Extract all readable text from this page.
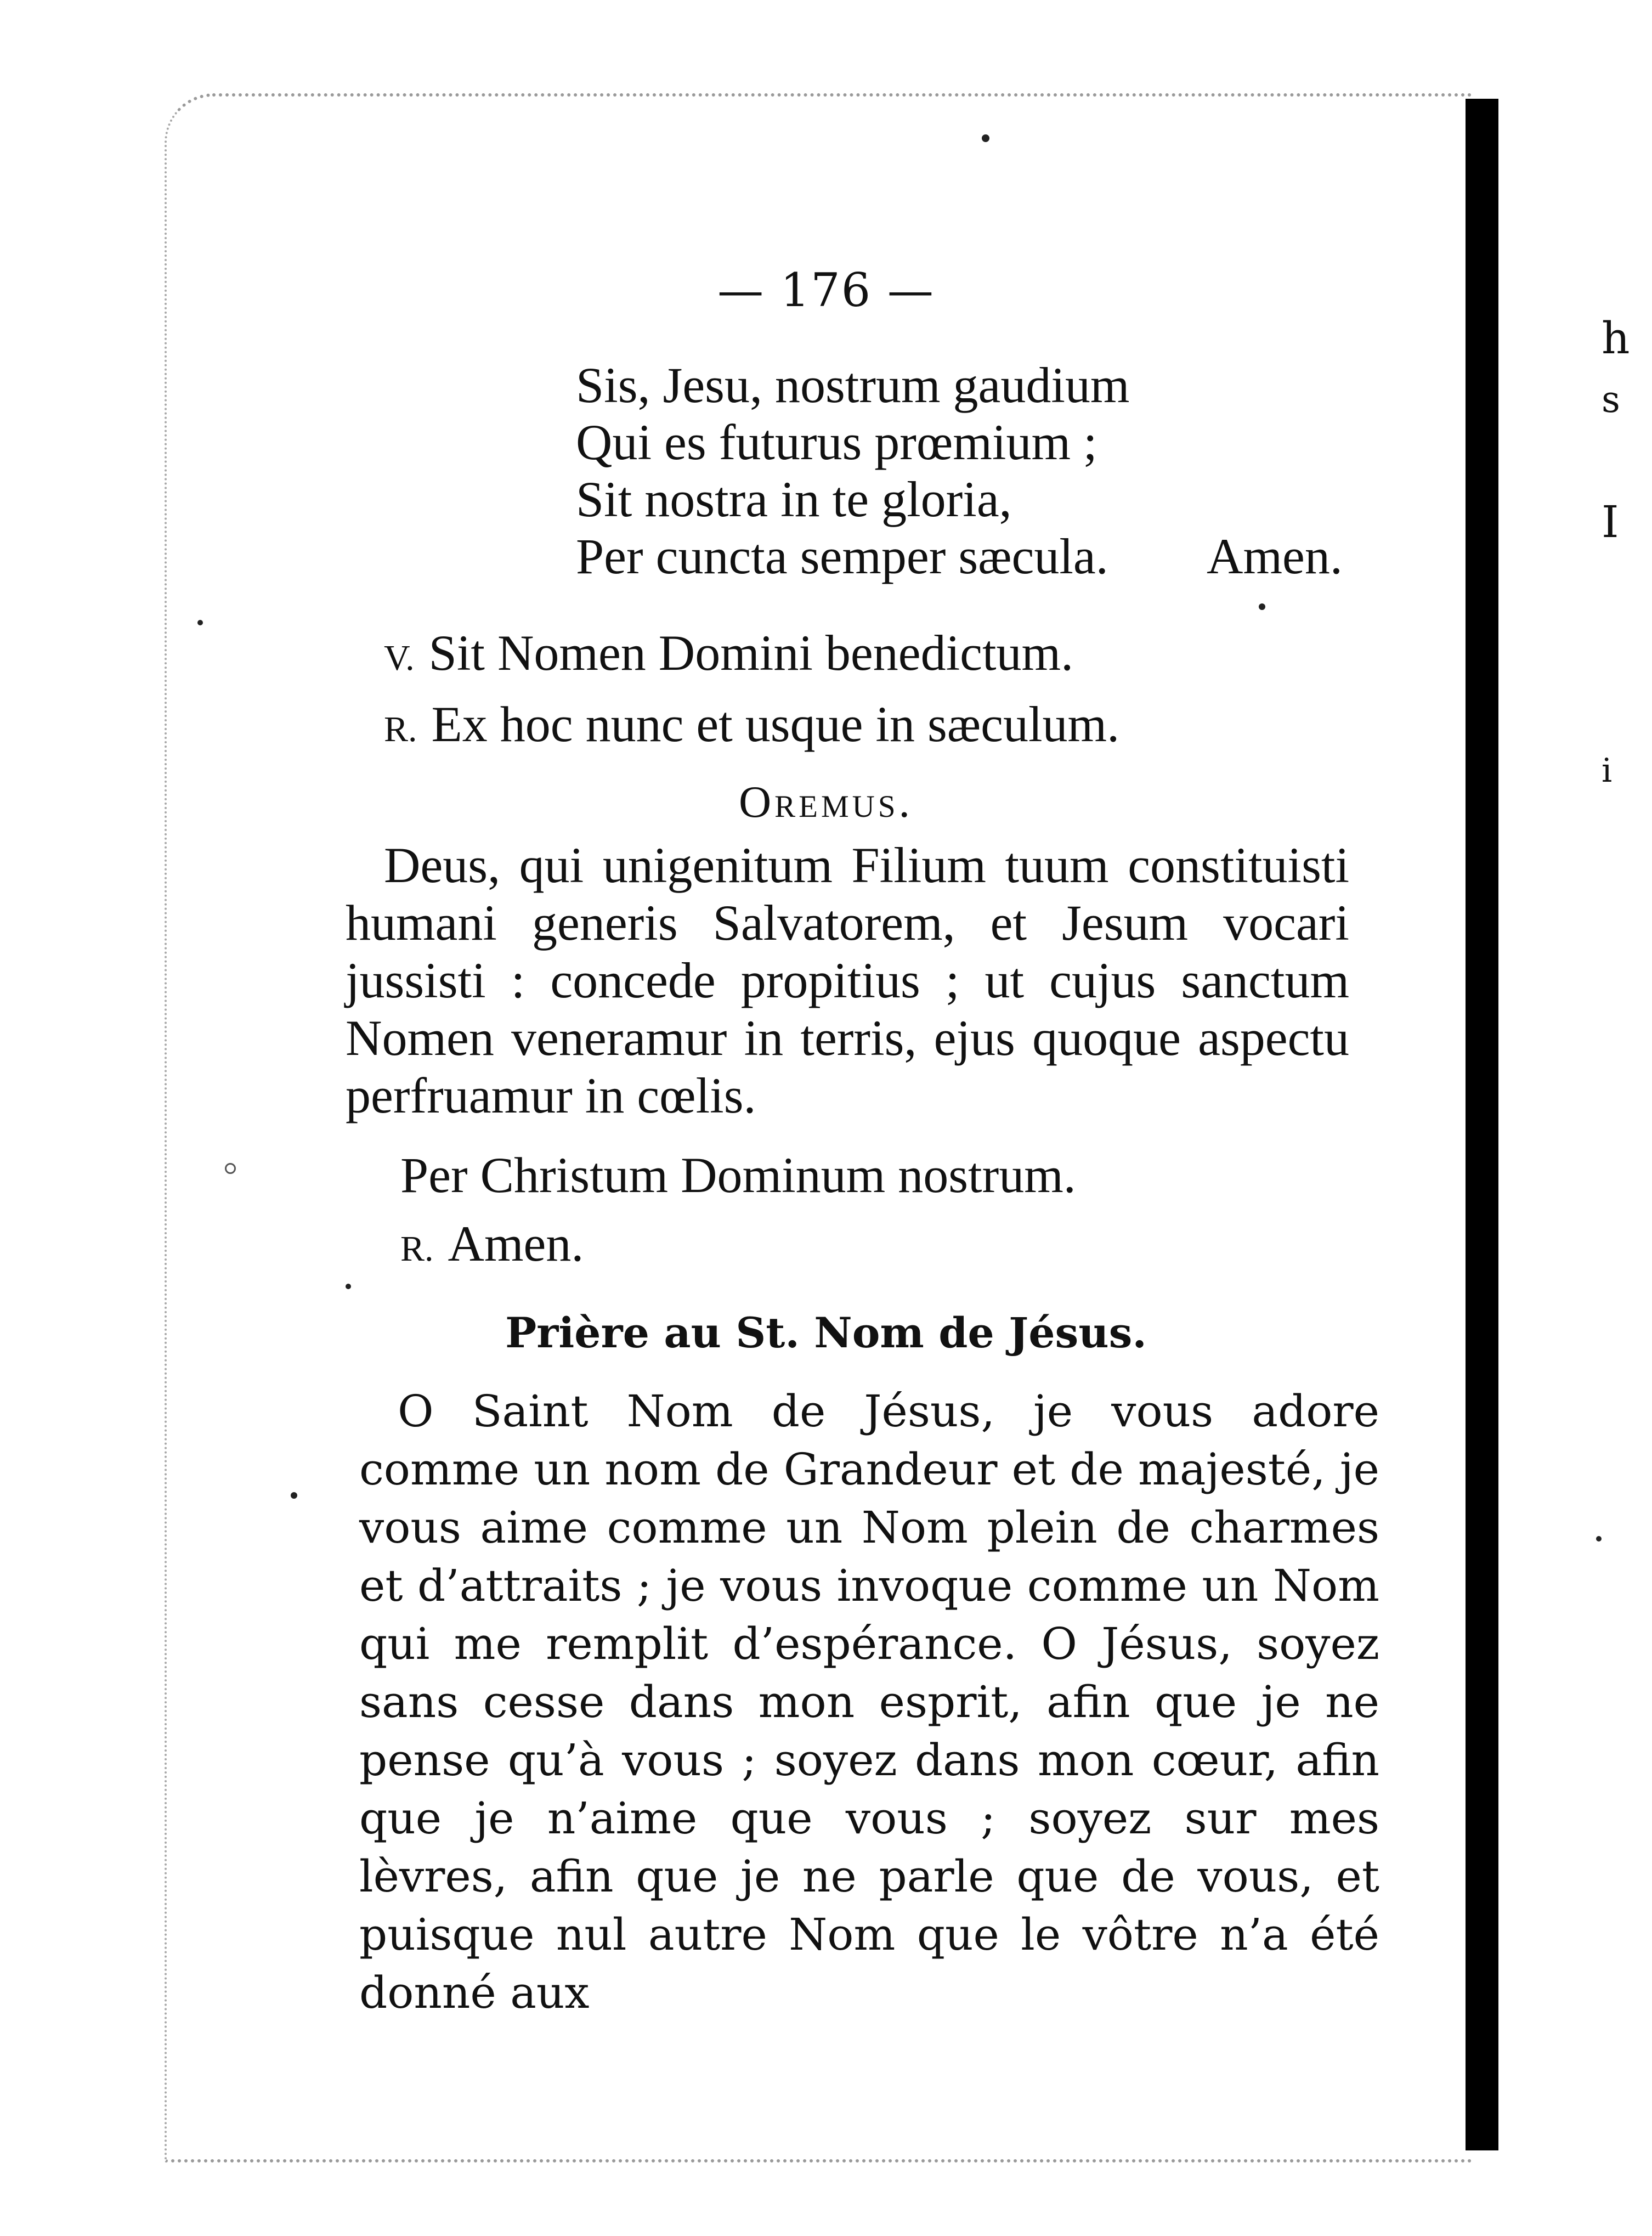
h
s
I
i
— 176 —
Sis, Jesu, nostrum gaudium
Qui es futurus prœmium ;
Sit nostra in te gloria,
Per cuncta semper sæcula. Amen.
V. Sit Nomen Domini benedictum.
R. Ex hoc nunc et usque in sæculum.
Oremus.
Deus, qui unigenitum Filium tuum constituisti humani generis Salvatorem, et Jesum vocari jussisti : concede propitius ; ut cujus sanctum Nomen veneramur in terris, ejus quoque aspectu perfruamur in cœlis.
Per Christum Dominum nostrum.
R. Amen.
Prière au St. Nom de Jésus.
O Saint Nom de Jésus, je vous adore comme un nom de Grandeur et de majesté, je vous aime comme un Nom plein de charmes et d’attraits ; je vous invoque comme un Nom qui me remplit d’espérance. O Jésus, soyez sans cesse dans mon esprit, afin que je ne pense qu’à vous ; soyez dans mon cœur, afin que je n’aime que vous ; soyez sur mes lèvres, afin que je ne parle que de vous, et puisque nul autre Nom que le vôtre n’a été donné aux
